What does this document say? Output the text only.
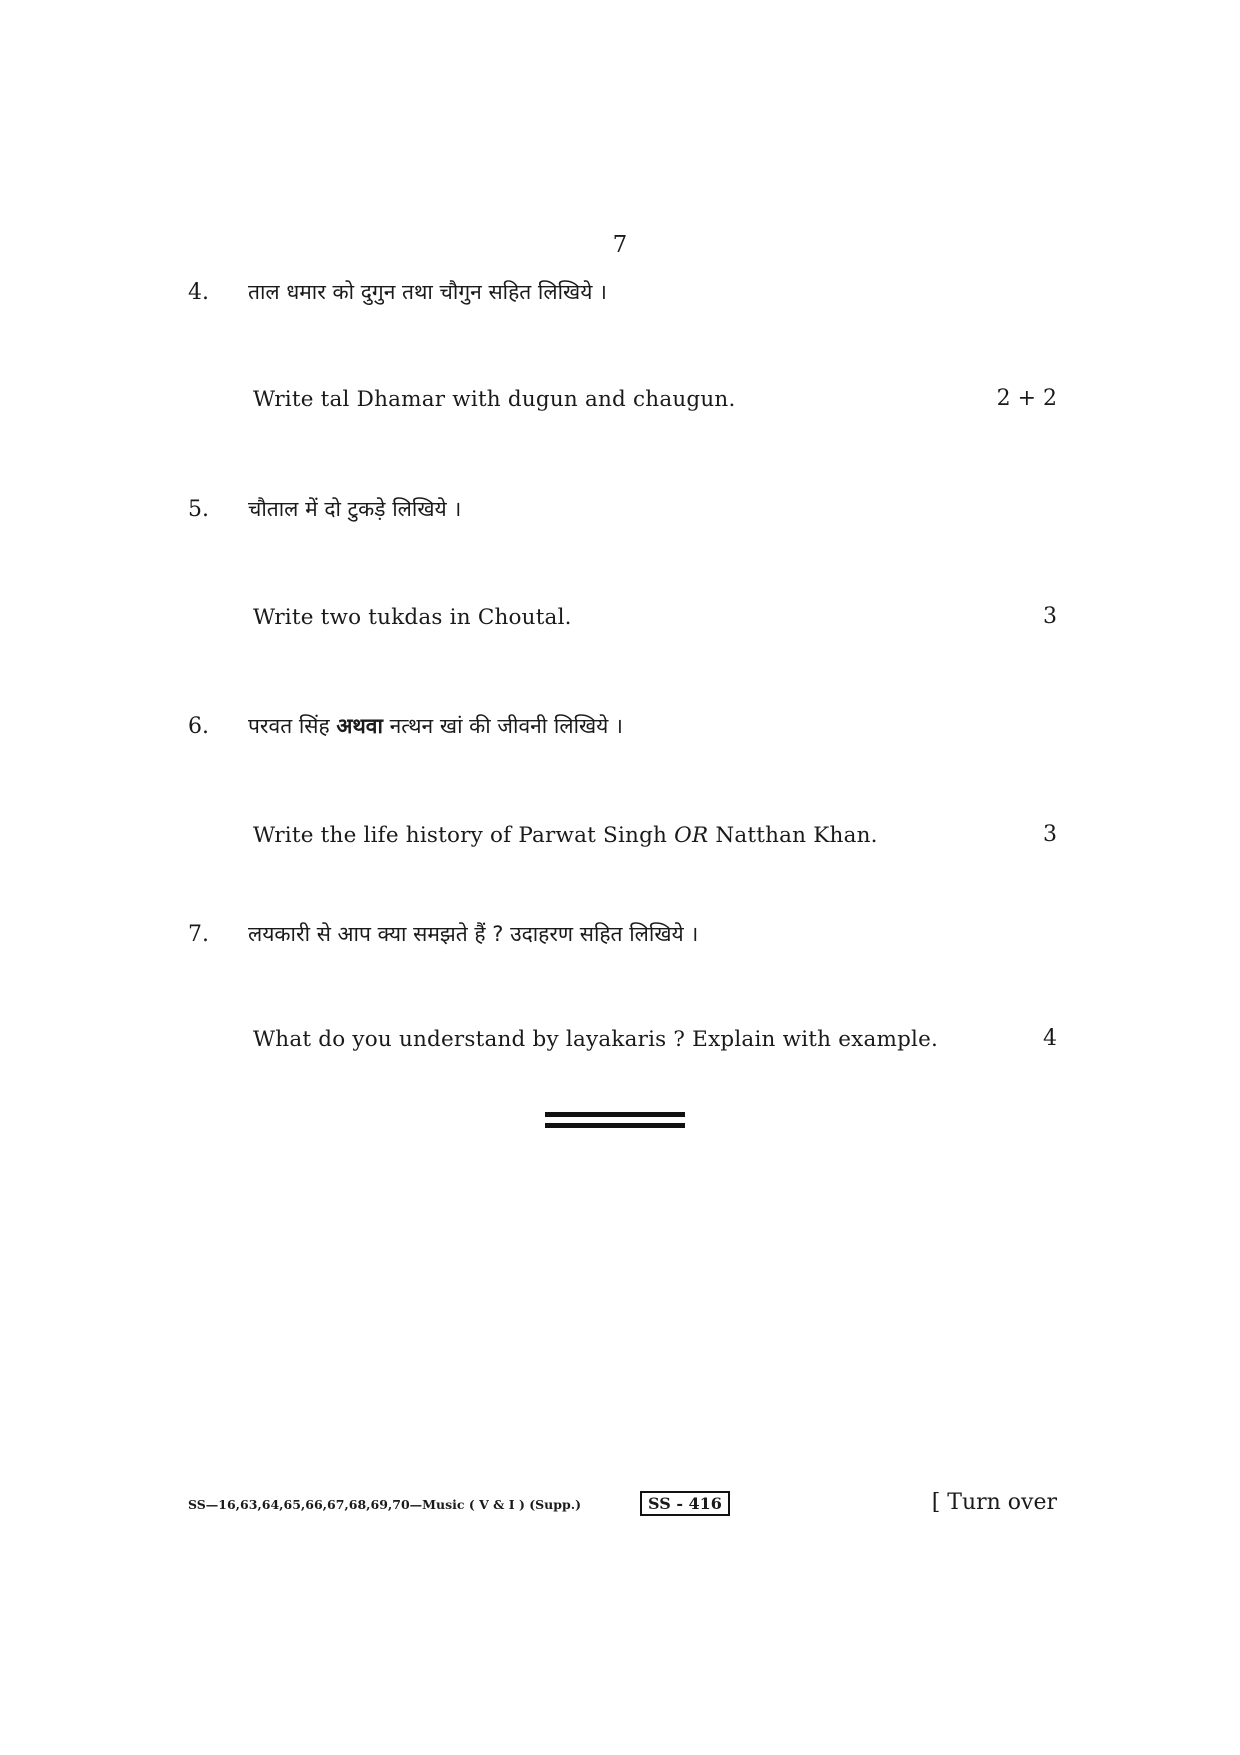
7
4. ताल धमार को दुगुन तथा चौगुन सहित लिखिये ।
Write tal Dhamar with dugun and chaugun.	2 + 2
5. चौताल में दो टुकड़े लिखिये ।
Write two tukdas in Choutal.	3
6. परवत सिंह अथवा नत्थन खां की जीवनी लिखिये ।
Write the life history of Parwat Singh OR Natthan Khan.	3
7. लयकारी से आप क्या समझते हैं ? उदाहरण सहित लिखिये ।
What do you understand by layakaris ? Explain with example.	4
SS—16,63,64,65,66,67,68,69,70—Music ( V & I ) (Supp.)	SS - 416	[ Turn over
